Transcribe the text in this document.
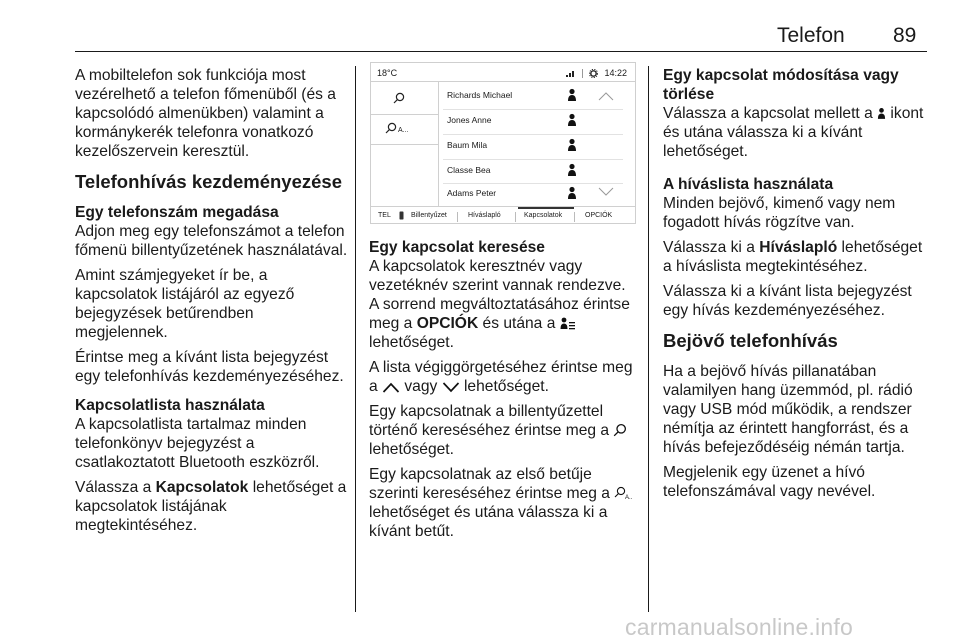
Telefon 89

A mobiltelefon sok funkciója most vezérelhető a telefon főmenüből (és a kapcsolódó almenükben) valamint a kormánykerék telefonra vonatkozó kezelőszervein keresztül.

Telefonhívás kezdeményezése
Egy telefonszám megadása

Adjon meg egy telefonszámot a telefon főmenü billentyűzetének használatával.

Amint számjegyeket ír be, a kapcsolatok listájáról az egyező bejegyzések betűrendben megjelennek.

Érintse meg a kívánt lista bejegyzést egy telefonhívás kezdeményezéséhez.

Kapcsolatlista használata

A kapcsolatlista tartalmaz minden telefonkönyv bejegyzést a csatlakoztatott Bluetooth eszközről.

Válassza a Kapcsolatok lehetőséget a kapcsolatok listájának megtekintéséhez.

18°C	14:22
A...
Richards Michael
Jones Anne
Baum Mila
Classe Bea
Adams Peter
TEL	Billentyűzet	Híváslapló	Kapcsolatok	OPCIÓK
Egy kapcsolat keresése

A kapcsolatok keresztnév vagy vezetéknév szerint vannak rendezve. A sorrend megváltoztatásához érintse meg a OPCIÓK és utána a  lehetőséget.

A lista végiggörgetéséhez érintse meg a  vagy  lehetőséget.

Egy kapcsolatnak a billentyűzettel történő kereséséhez érintse meg a  lehetőséget.

Egy kapcsolatnak az első betűje szerinti kereséséhez érintse meg a A..
lehetőséget és utána válassza ki a kívánt betűt.

Egy kapcsolat módosítása vagy törlése

Válassza a kapcsolat mellett a  ikont és utána válassza ki a kívánt lehetőséget.

A híváslista használata

Minden bejövő, kimenő vagy nem fogadott hívás rögzítve van.

Válassza ki a Híváslapló lehetőséget a híváslista megtekintéséhez.

Válassza ki a kívánt lista bejegyzést egy hívás kezdeményezéséhez.

Bejövő telefonhívás

Ha a bejövő hívás pillanatában valamilyen hang üzemmód, pl. rádió vagy USB mód működik, a rendszer némítja az érintett hangforrást, és a hívás befejeződéséig némán tartja.

Megjelenik egy üzenet a hívó telefonszámával vagy nevével.

carmanualsonline.info
